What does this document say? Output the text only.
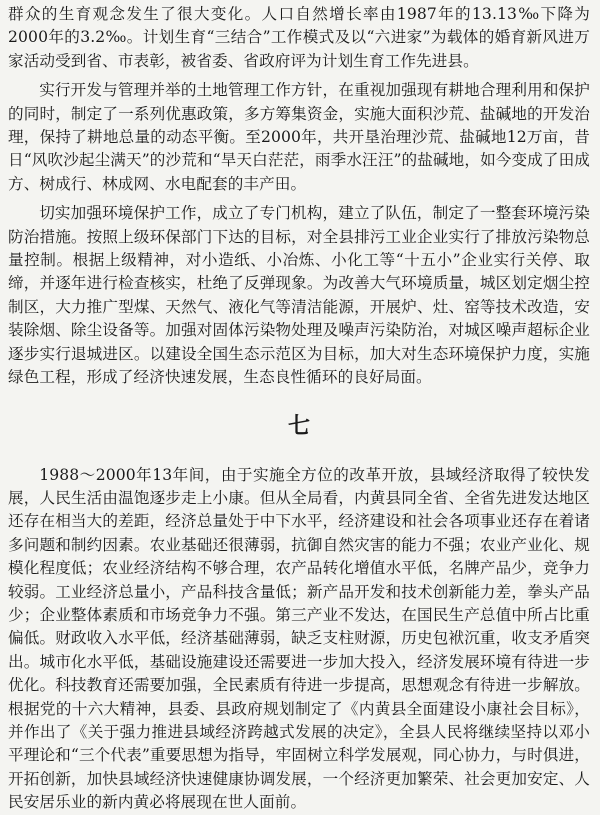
群众的生育观念发生了很大变化。人口自然增长率由1987年的13.13‰下降为2000年的3.2‰。计划生育“三结合”工作模式及以“六进家”为载体的婚育新风进万家活动受到省、市表彰，被省委、省政府评为计划生育工作先进县。

实行开发与管理并举的土地管理工作方针，在重视加强现有耕地合理利用和保护的同时，制定了一系列优惠政策，多方筹集资金，实施大面积沙荒、盐碱地的开发治理，保持了耕地总量的动态平衡。至2000年，共开垦治理沙荒、盐碱地12万亩，昔日“风吹沙起尘满天”的沙荒和“旱天白茫茫，雨季水汪汪”的盐碱地，如今变成了田成方、树成行、林成网、水电配套的丰产田。

切实加强环境保护工作，成立了专门机构，建立了队伍，制定了一整套环境污染防治措施。按照上级环保部门下达的目标，对全县排污工业企业实行了排放污染物总量控制。根据上级精神，对小造纸、小冶炼、小化工等“十五小”企业实行关停、取缔，并逐年进行检查核实，杜绝了反弹现象。为改善大气环境质量，城区划定烟尘控制区，大力推广型煤、天然气、液化气等清洁能源，开展炉、灶、窑等技术改造，安装除烟、除尘设备等。加强对固体污染物处理及噪声污染防治，对城区噪声超标企业逐步实行退城进区。以建设全国生态示范区为目标，加大对生态环境保护力度，实施绿色工程，形成了经济快速发展，生态良性循环的良好局面。

七

1988～2000年13年间，由于实施全方位的改革开放，县域经济取得了较快发展，人民生活由温饱逐步走上小康。但从全局看，内黄县同全省、全省先进发达地区还存在相当大的差距，经济总量处于中下水平，经济建设和社会各项事业还存在着诸多问题和制约因素。农业基础还很薄弱，抗御自然灾害的能力不强；农业产业化、规模化程度低；农业经济结构不够合理，农产品转化增值水平低，名牌产品少，竞争力较弱。工业经济总量小，产品科技含量低；新产品开发和技术创新能力差，拳头产品少；企业整体素质和市场竞争力不强。第三产业不发达，在国民生产总值中所占比重偏低。财政收入水平低，经济基础薄弱，缺乏支柱财源，历史包袱沉重，收支矛盾突出。城市化水平低，基础设施建设还需要进一步加大投入，经济发展环境有待进一步优化。科技教育还需要加强，全民素质有待进一步提高，思想观念有待进一步解放。根据党的十六大精神，县委、县政府规划制定了《内黄县全面建设小康社会目标》，并作出了《关于强力推进县域经济跨越式发展的决定》，全县人民将继续坚持以邓小平理论和“三个代表”重要思想为指导，牢固树立科学发展观，同心协力，与时俱进，开拓创新，加快县域经济快速健康协调发展，一个经济更加繁荣、社会更加安定、人民安居乐业的新内黄必将展现在世人面前。
